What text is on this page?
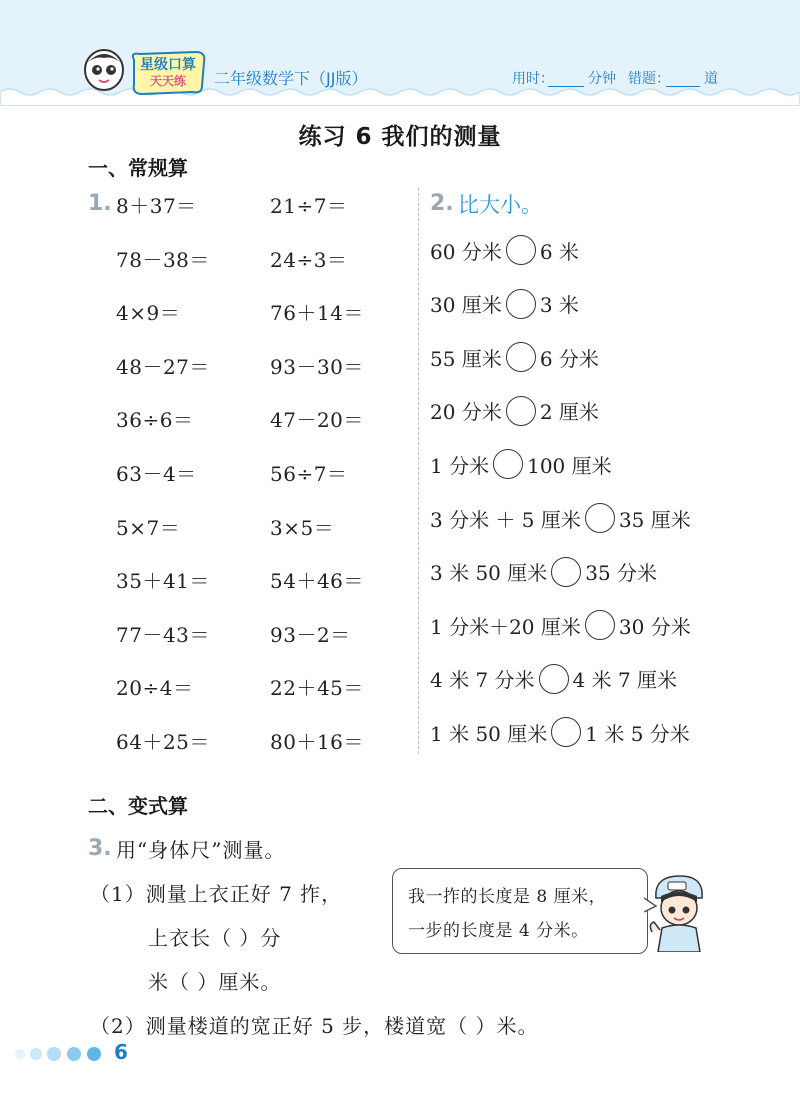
星级口算
天天练 二年级数学下（JJ版）	用时： 分钟 错题： 道
练习 6 我们的测量
一、常规算
1. 8＋37＝
78－38＝
4×9＝
48－27＝
36÷6＝
63－4＝
5×7＝
35＋41＝
77－43＝
20÷4＝
64＋25＝
21÷7＝
24÷3＝
76＋14＝
93－30＝
47－20＝
56÷7＝
3×5＝
54＋46＝
93－2＝
22＋45＝
80＋16＝
2. 比大小。
60 分米 6 米
30 厘米 3 米
55 厘米 6 分米
20 分米 2 厘米
1 分米 100 厘米
3 分米 ＋ 5 厘米 35 厘米
3 米 50 厘米 35 分米
1 分米＋20 厘米 30 分米
4 米 7 分米 4 米 7 厘米
1 米 50 厘米 1 米 5 分米
二、变式算
3. 用“身体尺”测量。
（1）测量上衣正好 7 拃，
上衣长（ ）分
米（ ）厘米。
我一拃的长度是 8 厘米，
一步的长度是 4 分米。
（2）测量楼道的宽正好 5 步，楼道宽（ ）米。
6
